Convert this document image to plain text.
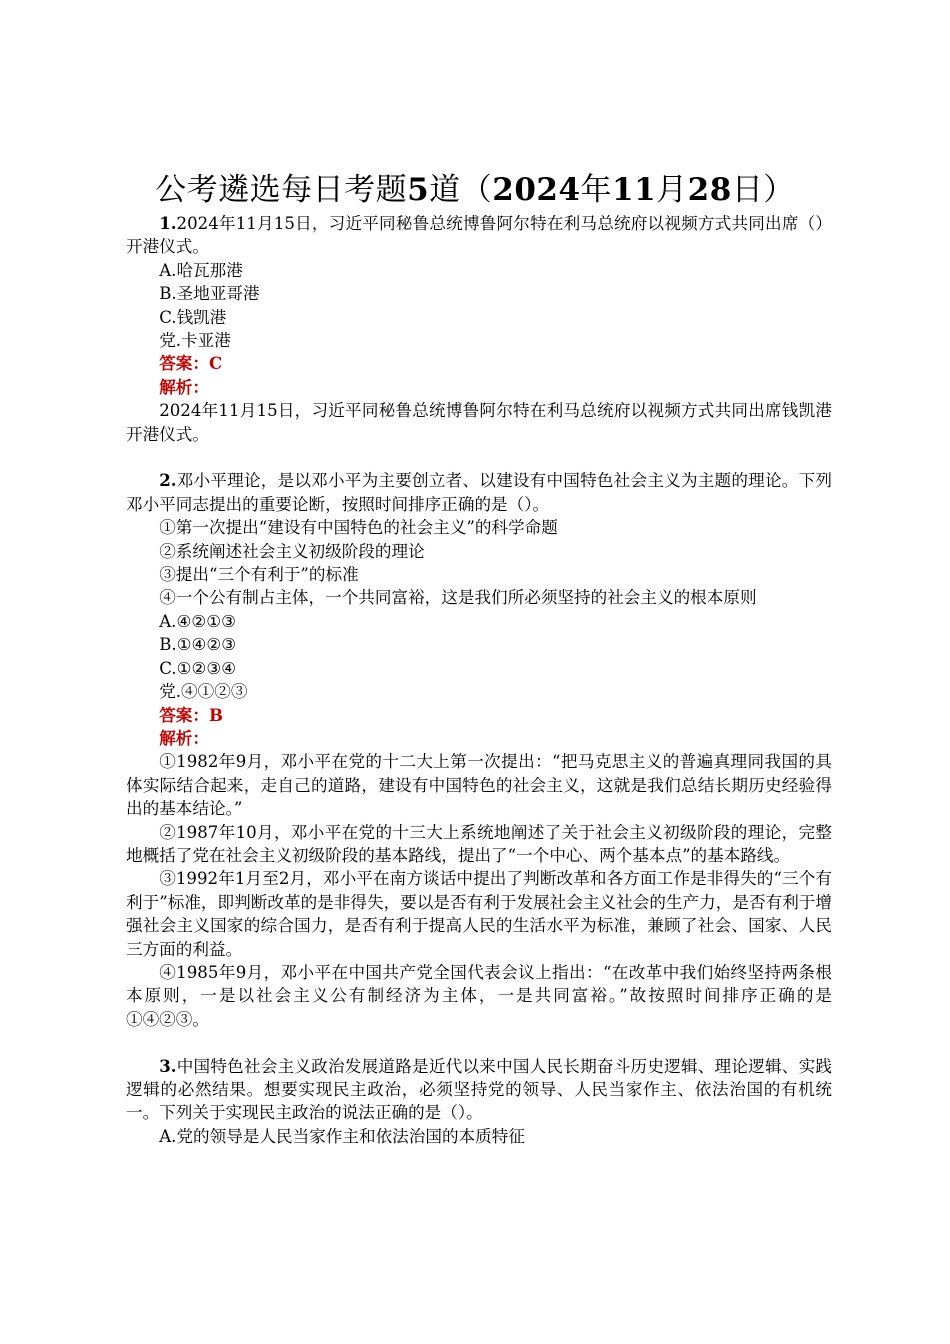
公考遴选每日考题5道（2024年11月28日）

1.2024年11月15日，习近平同秘鲁总统博鲁阿尔特在利马总统府以视频方式共同出席（）开港仪式。

A.哈瓦那港

B.圣地亚哥港

C.钱凯港

党.卡亚港

答案：C

解析：

2024年11月15日，习近平同秘鲁总统博鲁阿尔特在利马总统府以视频方式共同出席钱凯港开港仪式。

2.邓小平理论，是以邓小平为主要创立者、以建设有中国特色社会主义为主题的理论。下列邓小平同志提出的重要论断，按照时间排序正确的是（）。

①第一次提出“建设有中国特色的社会主义”的科学命题

②系统阐述社会主义初级阶段的理论

③提出“三个有利于”的标准

④一个公有制占主体，一个共同富裕，这是我们所必须坚持的社会主义的根本原则

A.④②①③

B.①④②③

C.①②③④

党.④①②③

答案：B

解析：

①1982年9月，邓小平在党的十二大上第一次提出：“把马克思主义的普遍真理同我国的具体实际结合起来，走自己的道路，建设有中国特色的社会主义，这就是我们总结长期历史经验得出的基本结论。”

②1987年10月，邓小平在党的十三大上系统地阐述了关于社会主义初级阶段的理论，完整地概括了党在社会主义初级阶段的基本路线，提出了“一个中心、两个基本点”的基本路线。

③1992年1月至2月，邓小平在南方谈话中提出了判断改革和各方面工作是非得失的“三个有利于”标准，即判断改革的是非得失，要以是否有利于发展社会主义社会的生产力，是否有利于增强社会主义国家的综合国力，是否有利于提高人民的生活水平为标准，兼顾了社会、国家、人民三方面的利益。

④1985年9月，邓小平在中国共产党全国代表会议上指出：“在改革中我们始终坚持两条根本原则，一是以社会主义公有制经济为主体，一是共同富裕。”故按照时间排序正确的是①④②③。

3.中国特色社会主义政治发展道路是近代以来中国人民长期奋斗历史逻辑、理论逻辑、实践逻辑的必然结果。想要实现民主政治，必须坚持党的领导、人民当家作主、依法治国的有机统一。下列关于实现民主政治的说法正确的是（）。

A.党的领导是人民当家作主和依法治国的本质特征
